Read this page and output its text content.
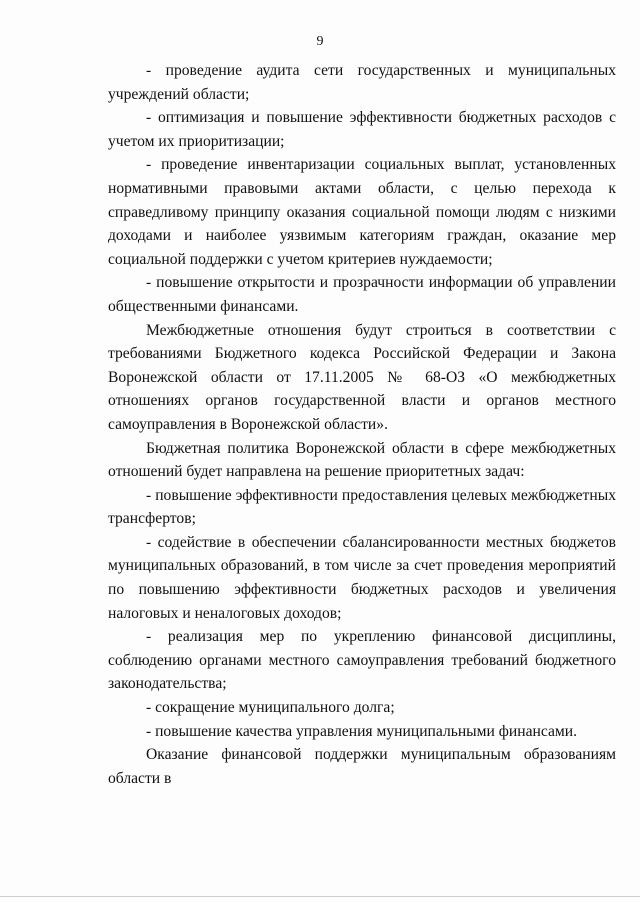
9

- проведение аудита сети государственных и муниципальных учреждений области;

- оптимизация и повышение эффективности бюджетных расходов с учетом их приоритизации;

- проведение инвентаризации социальных выплат, установленных нормативными правовыми актами области, с целью перехода к справедливому принципу оказания социальной помощи людям с низкими доходами и наиболее уязвимым категориям граждан, оказание мер социальной поддержки с учетом критериев нуждаемости;

- повышение открытости и прозрачности информации об управлении общественными финансами.

Межбюджетные отношения будут строиться в соответствии с требованиями Бюджетного кодекса Российской Федерации и Закона Воронежской области от 17.11.2005 № 68-ОЗ «О межбюджетных отношениях органов государственной власти и органов местного самоуправления в Воронежской области».

Бюджетная политика Воронежской области в сфере межбюджетных отношений будет направлена на решение приоритетных задач:

- повышение эффективности предоставления целевых межбюджетных трансфертов;

- содействие в обеспечении сбалансированности местных бюджетов муниципальных образований, в том числе за счет проведения мероприятий по повышению эффективности бюджетных расходов и увеличения налоговых и неналоговых доходов;

- реализация мер по укреплению финансовой дисциплины, соблюдению органами местного самоуправления требований бюджетного законодательства;

- сокращение муниципального долга;

- повышение качества управления муниципальными финансами.

Оказание финансовой поддержки муниципальным образованиям области в
